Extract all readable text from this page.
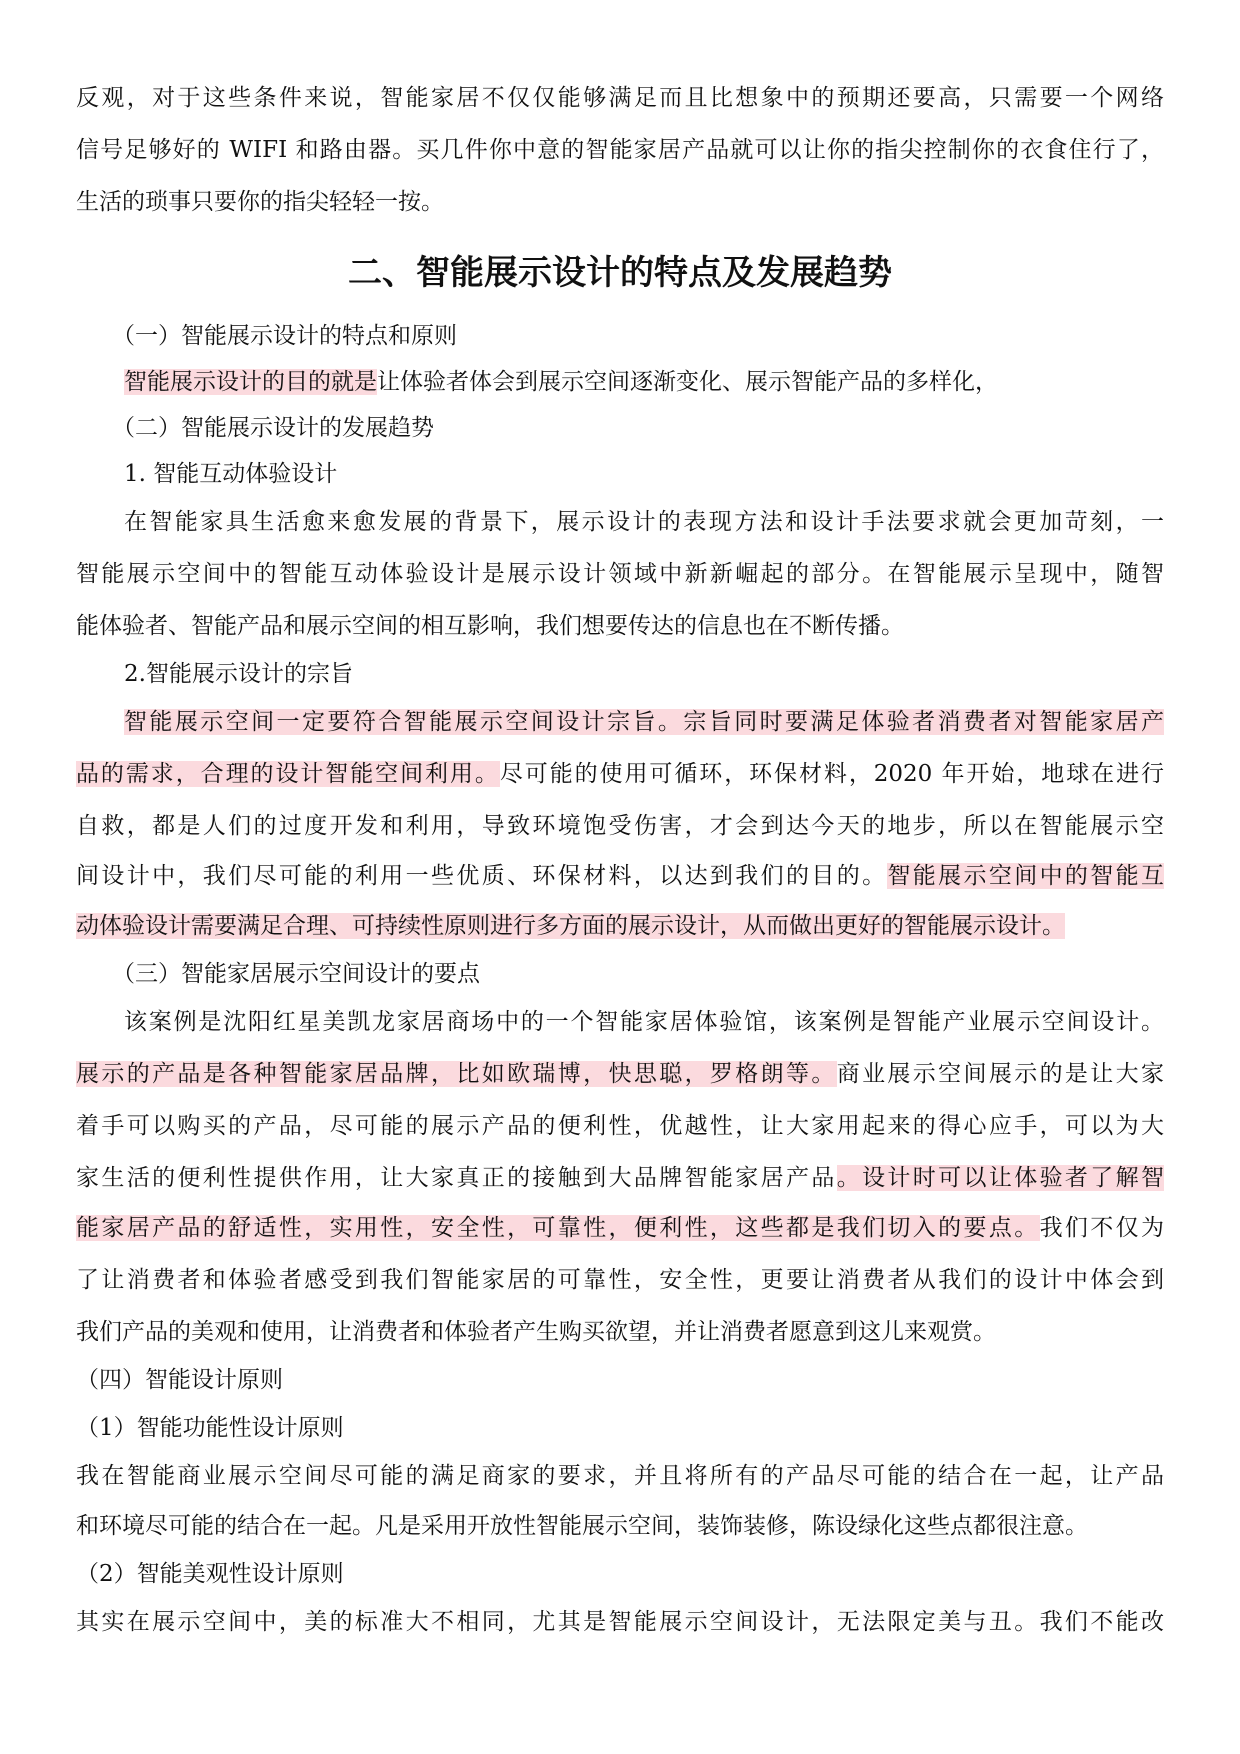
反观，对于这些条件来说，智能家居不仅仅能够满足而且比想象中的预期还要高，只需要一个网络
信号足够好的 WIFI 和路由器。买几件你中意的智能家居产品就可以让你的指尖控制你的衣食住行了，
生活的琐事只要你的指尖轻轻一按。
二、智能展示设计的特点及发展趋势
（一）智能展示设计的特点和原则
智能展示设计的目的就是让体验者体会到展示空间逐渐变化、展示智能产品的多样化，
（二）智能展示设计的发展趋势
1. 智能互动体验设计
在智能家具生活愈来愈发展的背景下，展示设计的表现方法和设计手法要求就会更加苛刻，一
智能展示空间中的智能互动体验设计是展示设计领域中新新崛起的部分。在智能展示呈现中，随智
能体验者、智能产品和展示空间的相互影响，我们想要传达的信息也在不断传播。
2.智能展示设计的宗旨
智能展示空间一定要符合智能展示空间设计宗旨。宗旨同时要满足体验者消费者对智能家居产
品的需求，合理的设计智能空间利用。尽可能的使用可循环，环保材料，2020 年开始，地球在进行
自救，都是人们的过度开发和利用，导致环境饱受伤害，才会到达今天的地步，所以在智能展示空
间设计中，我们尽可能的利用一些优质、环保材料，以达到我们的目的。智能展示空间中的智能互
动体验设计需要满足合理、可持续性原则进行多方面的展示设计，从而做出更好的智能展示设计。
（三）智能家居展示空间设计的要点
该案例是沈阳红星美凯龙家居商场中的一个智能家居体验馆，该案例是智能产业展示空间设计。
展示的产品是各种智能家居品牌，比如欧瑞博，快思聪，罗格朗等。商业展示空间展示的是让大家
着手可以购买的产品，尽可能的展示产品的便利性，优越性，让大家用起来的得心应手，可以为大
家生活的便利性提供作用，让大家真正的接触到大品牌智能家居产品。设计时可以让体验者了解智
能家居产品的舒适性，实用性，安全性，可靠性，便利性，这些都是我们切入的要点。我们不仅为
了让消费者和体验者感受到我们智能家居的可靠性，安全性，更要让消费者从我们的设计中体会到
我们产品的美观和使用，让消费者和体验者产生购买欲望，并让消费者愿意到这儿来观赏。
（四）智能设计原则
（1）智能功能性设计原则
我在智能商业展示空间尽可能的满足商家的要求，并且将所有的产品尽可能的结合在一起，让产品
和环境尽可能的结合在一起。凡是采用开放性智能展示空间，装饰装修，陈设绿化这些点都很注意。
（2）智能美观性设计原则
其实在展示空间中，美的标准大不相同，尤其是智能展示空间设计，无法限定美与丑。我们不能改
